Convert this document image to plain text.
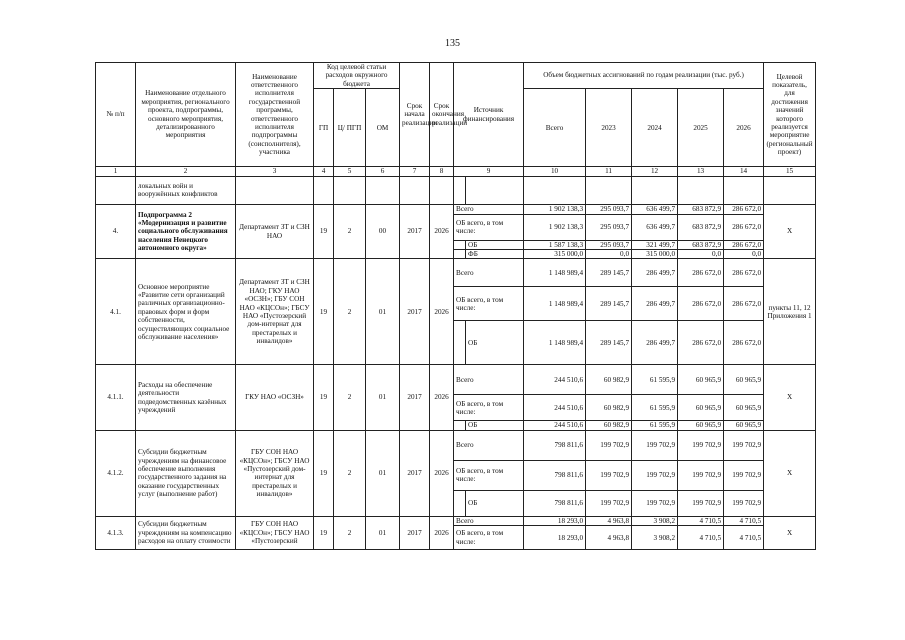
135
№ п/п	Наименование отдельного мероприятия, регионального проекта, подпрограммы, основного мероприятия, детализированного мероприятия	Наименование ответственного исполнителя государственной программы, ответственного исполнителя подпрограммы (соисполнителя), участника	Код целевой статьи расходов окружного бюджета			Срок начала реализации	Срок окончания реализации	Источник финансирования		Объем бюджетных ассигнований по годам реализации (тыс. руб.)					Целевой показатель, для достижения значений которого реализуется мероприятие (региональный проект)
			ГП	Ц/ ПГП	ОМ					Всего	2023	2024	2025	2026	
1	2	3	4	5	6	7	8	9		10	11	12	13	14	15
	локальных войн и вооружённых конфликтов														
4.	Подпрограмма 2 «Модернизация и развитие социального обслуживания населения Ненецкого автономного округа»	Департамент ЗТ и СЗН НАО	19	2	00	2017	2026	Всего		1 902 138,3	295 093,7	636 499,7	683 872,9	286 672,0	Х
								ОБ всего, в том числе:		1 902 138,3	295 093,7	636 499,7	683 872,9	286 672,0	
									ОБ	1 587 138,3	295 093,7	321 499,7	683 872,9	286 672,0	
									ФБ	315 000,0	0,0	315 000,0	0,0	0,0	
4.1.	Основное мероприятие «Развитие сети организаций различных организационно-правовых форм и форм собственности, осуществляющих социальное обслуживание населения»	Департамент ЗТ и СЗН НАО; ГКУ НАО «ОСЗН»; ГБУ СОН НАО «КЦСОн»; ГБСУ НАО «Пустозерский дом-интернат для престарелых и инвалидов»	19	2	01	2017	2026	Всего		1 148 989,4	289 145,7	286 499,7	286 672,0	286 672,0	пункты 11, 12 Приложения 1
								ОБ всего, в том числе:		1 148 989,4	289 145,7	286 499,7	286 672,0	286 672,0	
									ОБ	1 148 989,4	289 145,7	286 499,7	286 672,0	286 672,0	
4.1.1.	Расходы на обеспечение деятельности подведомственных казённых учреждений	ГКУ НАО «ОСЗН»	19	2	01	2017	2026	Всего		244 510,6	60 982,9	61 595,9	60 965,9	60 965,9	Х
								ОБ всего, в том числе:		244 510,6	60 982,9	61 595,9	60 965,9	60 965,9	
									ОБ	244 510,6	60 982,9	61 595,9	60 965,9	60 965,9	
4.1.2.	Субсидии бюджетным учреждениям на финансовое обеспечение выполнения государственного задания на оказание государственных услуг (выполнение работ)	ГБУ СОН НАО «КЦСОн»; ГБСУ НАО «Пустозерский дом-интернат для престарелых и инвалидов»	19	2	01	2017	2026	Всего		798 811,6	199 702,9	199 702,9	199 702,9	199 702,9	Х
								ОБ всего, в том числе:		798 811,6	199 702,9	199 702,9	199 702,9	199 702,9	
									ОБ	798 811,6	199 702,9	199 702,9	199 702,9	199 702,9	
4.1.3.	Субсидии бюджетным учреждениям на компенсацию расходов на оплату стоимости	ГБУ СОН НАО «КЦСОн»; ГБСУ НАО «Пустозерский	19	2	01	2017	2026	Всего		18 293,0	4 963,8	3 908,2	4 710,5	4 710,5	Х
								ОБ всего, в том числе:		18 293,0	4 963,8	3 908,2	4 710,5	4 710,5	
